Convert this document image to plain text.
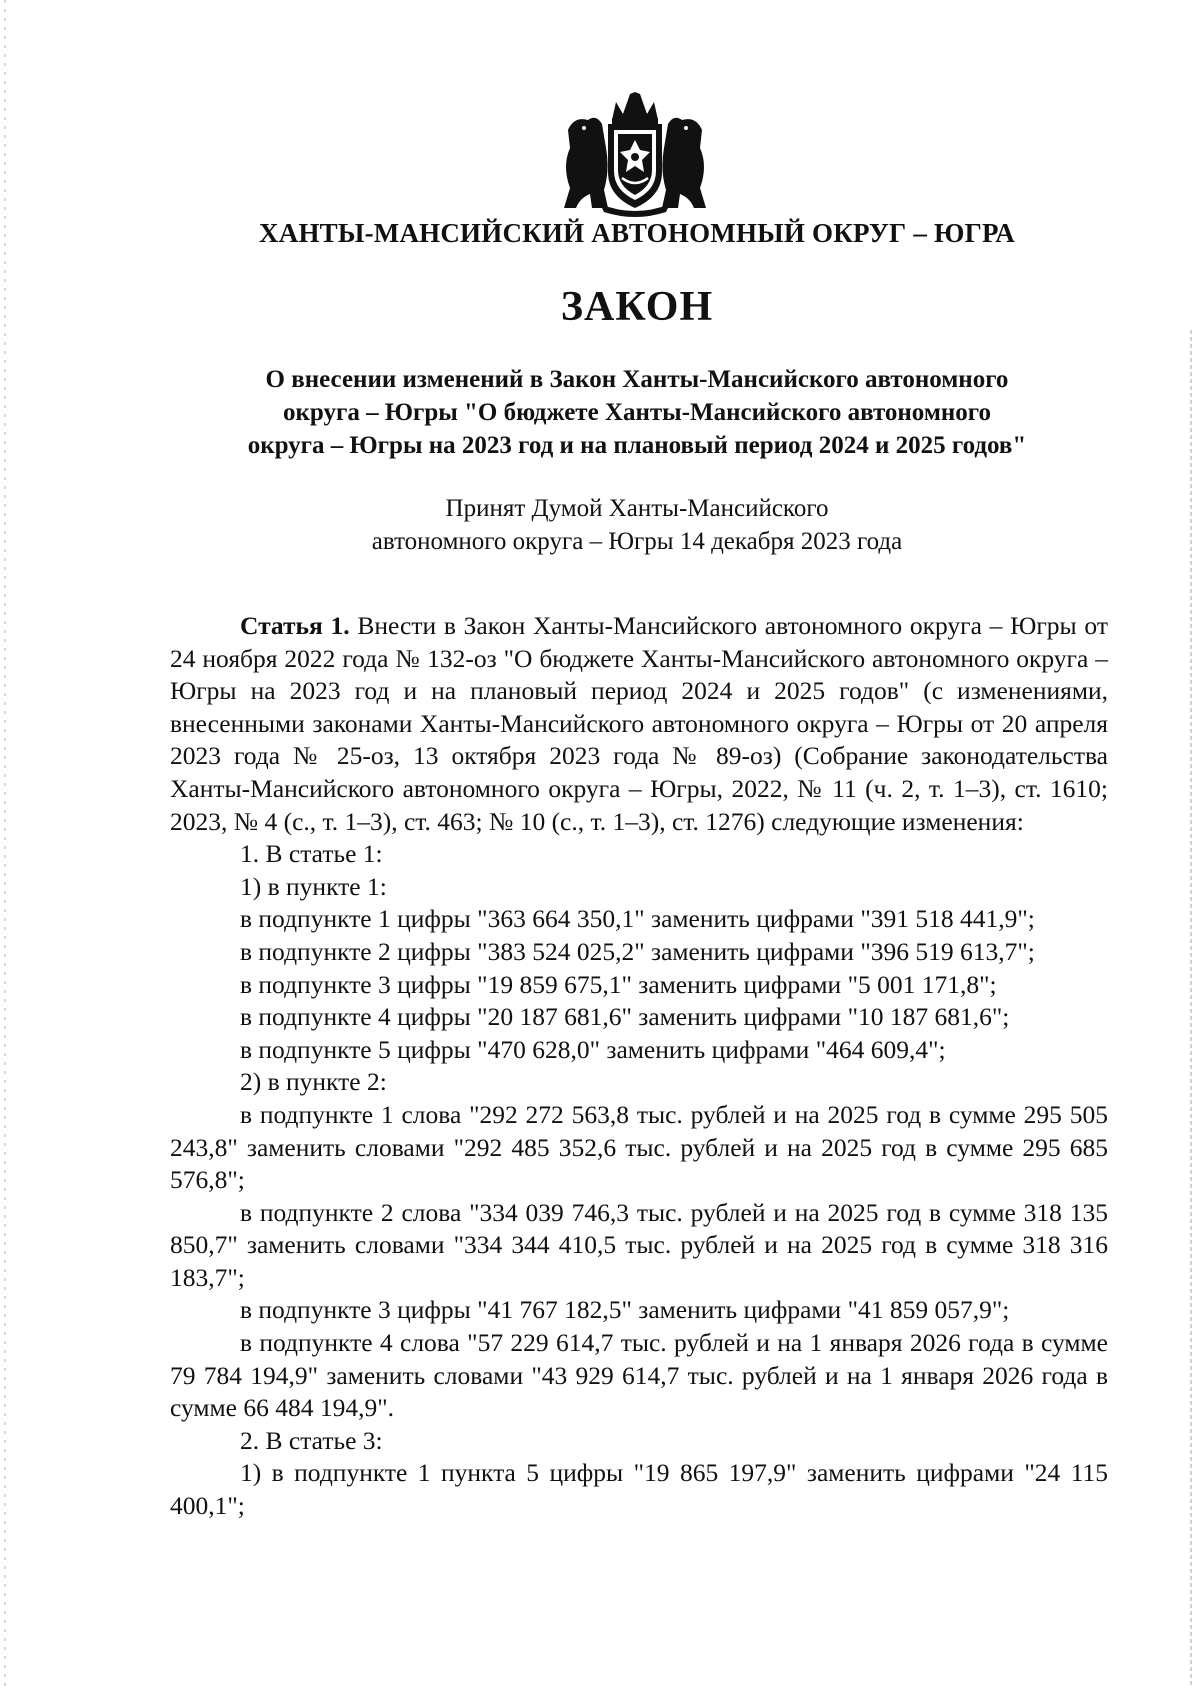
ХАНТЫ-МАНСИЙСКИЙ АВТОНОМНЫЙ ОКРУГ – ЮГРА
ЗАКОН
О внесении изменений в Закон Ханты-Мансийского автономного
округа – Югры "О бюджете Ханты-Мансийского автономного
округа – Югры на 2023 год и на плановый период 2024 и 2025 годов"
Принят Думой Ханты-Мансийского
автономного округа – Югры 14 декабря 2023 года

Статья 1. Внести в Закон Ханты-Мансийского автономного округа – Югры от 24 ноября 2022 года № 132-оз "О бюджете Ханты-Мансийского автономного округа – Югры на 2023 год и на плановый период 2024 и 2025 годов" (с изменениями, внесенными законами Ханты-Мансийского автономного округа – Югры от 20 апреля 2023 года № 25-оз, 13 октября 2023 года № 89-оз) (Собрание законодательства Ханты-Мансийского автономного округа – Югры, 2022, № 11 (ч. 2, т. 1–3), ст. 1610; 2023, № 4 (с., т. 1–3), ст. 463; № 10 (с., т. 1–3), ст. 1276) следующие изменения:

1. В статье 1:

1) в пункте 1:

в подпункте 1 цифры "363 664 350,1" заменить цифрами "391 518 441,9";

в подпункте 2 цифры "383 524 025,2" заменить цифрами "396 519 613,7";

в подпункте 3 цифры "19 859 675,1" заменить цифрами "5 001 171,8";

в подпункте 4 цифры "20 187 681,6" заменить цифрами "10 187 681,6";

в подпункте 5 цифры "470 628,0" заменить цифрами "464 609,4";

2) в пункте 2:

в подпункте 1 слова "292 272 563,8 тыс. рублей и на 2025 год в сумме 295 505 243,8" заменить словами "292 485 352,6 тыс. рублей и на 2025 год в сумме 295 685 576,8";

в подпункте 2 слова "334 039 746,3 тыс. рублей и на 2025 год в сумме 318 135 850,7" заменить словами "334 344 410,5 тыс. рублей и на 2025 год в сумме 318 316 183,7";

в подпункте 3 цифры "41 767 182,5" заменить цифрами "41 859 057,9";

в подпункте 4 слова "57 229 614,7 тыс. рублей и на 1 января 2026 года в сумме 79 784 194,9" заменить словами "43 929 614,7 тыс. рублей и на 1 января 2026 года в сумме 66 484 194,9".

2. В статье 3:

1) в подпункте 1 пункта 5 цифры "19 865 197,9" заменить цифрами "24 115 400,1";
